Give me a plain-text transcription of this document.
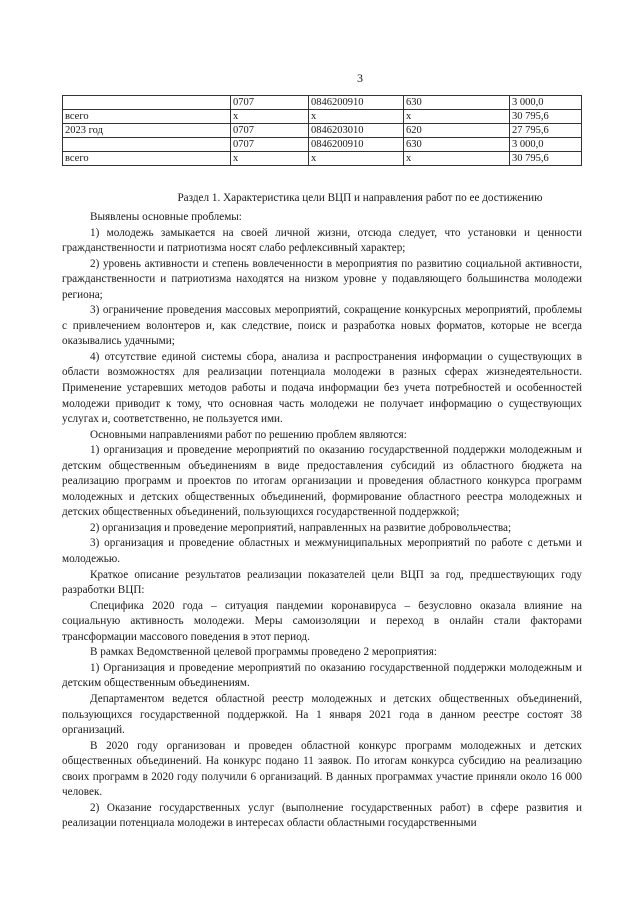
3
	0707	0846200910	630	3 000,0
всего	х	х	х	30 795,6
2023 год	0707	0846203010	620	27 795,6
	0707	0846200910	630	3 000,0
всего	х	х	х	30 795,6
Раздел 1. Характеристика цели ВЦП и направления работ по ее достижению

Выявлены основные проблемы:

1) молодежь замыкается на своей личной жизни, отсюда следует, что установки и ценности гражданственности и патриотизма носят слабо рефлексивный характер;

2) уровень активности и степень вовлеченности в мероприятия по развитию социальной активности, гражданственности и патриотизма находятся на низком уровне у подавляющего большинства молодежи региона;

3) ограничение проведения массовых мероприятий, сокращение конкурсных мероприятий, проблемы с привлечением волонтеров и, как следствие, поиск и разработка новых форматов, которые не всегда оказывались удачными;

4) отсутствие единой системы сбора, анализа и распространения информации о существующих в области возможностях для реализации потенциала молодежи в разных сферах жизнедеятельности. Применение устаревших методов работы и подача информации без учета потребностей и особенностей молодежи приводит к тому, что основная часть молодежи не получает информацию о существующих услугах и, соответственно, не пользуется ими.

Основными направлениями работ по решению проблем являются:

1) организация и проведение мероприятий по оказанию государственной поддержки молодежным и детским общественным объединениям в виде предоставления субсидий из областного бюджета на реализацию программ и проектов по итогам организации и проведения областного конкурса программ молодежных и детских общественных объединений, формирование областного реестра молодежных и детских общественных объединений, пользующихся государственной поддержкой;

2) организация и проведение мероприятий, направленных на развитие добровольчества;

3) организация и проведение областных и межмуниципальных мероприятий по работе с детьми и молодежью.

Краткое описание результатов реализации показателей цели ВЦП за год, предшествующих году разработки ВЦП:

Специфика 2020 года – ситуация пандемии коронавируса – безусловно оказала влияние на социальную активность молодежи. Меры самоизоляции и переход в онлайн стали факторами трансформации массового поведения в этот период.

В рамках Ведомственной целевой программы проведено 2 мероприятия:

1) Организация и проведение мероприятий по оказанию государственной поддержки молодежным и детским общественным объединениям.

Департаментом ведется областной реестр молодежных и детских общественных объединений, пользующихся государственной поддержкой. На 1 января 2021 года в данном реестре состоят 38 организаций.

В 2020 году организован и проведен областной конкурс программ молодежных и детских общественных объединений. На конкурс подано 11 заявок. По итогам конкурса субсидию на реализацию своих программ в 2020 году получили 6 организаций. В данных программах участие приняли около 16 000 человек.

2) Оказание государственных услуг (выполнение государственных работ) в сфере развития и реализации потенциала молодежи в интересах области областными государственными
